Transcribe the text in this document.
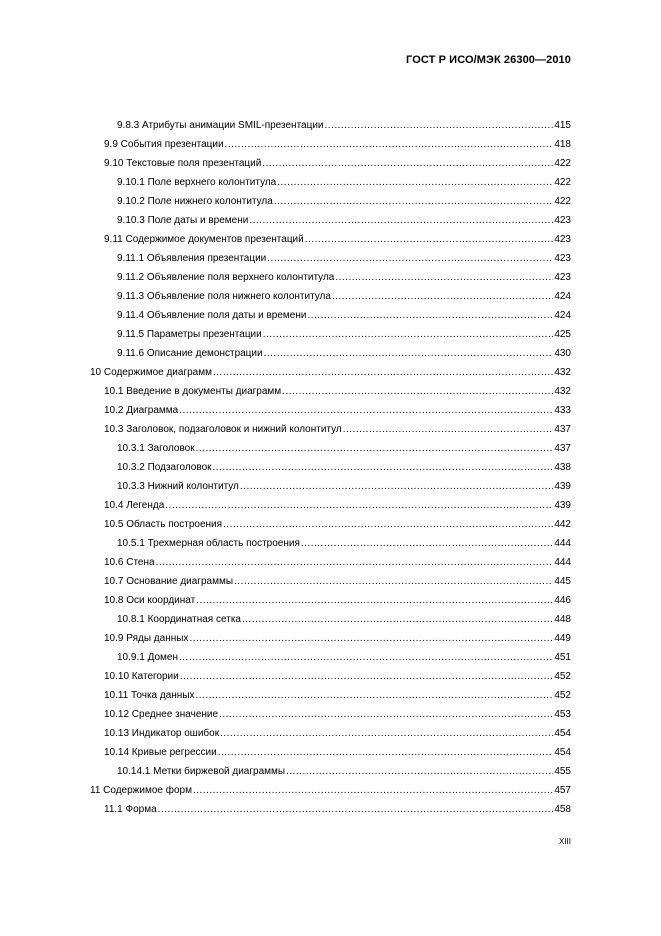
ГОСТ Р ИСО/МЭК 26300—2010
9.8.3 Атрибуты анимации SMIL-презентации .....	415
9.9 События презентации .....	418
9.10 Текстовые поля презентаций .....	422
9.10.1 Поле верхнего колонтитула .....	422
9.10.2 Поле нижнего колонтитула .....	422
9.10.3 Поле даты и времени .....	423
9.11 Содержимое документов презентаций .....	423
9.11.1 Объявления презентации .....	423
9.11.2 Объявление поля верхнего колонтитула .....	423
9.11.3 Объявление поля нижнего колонтитула .....	424
9.11.4 Объявление поля даты и времени .....	424
9.11.5 Параметры презентации .....	425
9.11.6 Описание демонстрации .....	430
10 Содержимое диаграмм .....	432
10.1 Введение в документы диаграмм .....	432
10.2 Диаграмма .....	433
10.3 Заголовок, подзаголовок и нижний колонтитул .....	437
10.3.1 Заголовок .....	437
10.3.2 Подзаголовок .....	438
10.3.3 Нижний колонтитул .....	439
10.4 Легенда .....	439
10.5 Область построения .....	442
10.5.1 Трехмерная область построения .....	444
10.6 Стена .....	444
10.7 Основание диаграммы .....	445
10.8 Оси координат .....	446
10.8.1 Координатная сетка .....	448
10.9 Ряды данных .....	449
10.9.1 Домен .....	451
10.10 Категории .....	452
10.11 Точка данных .....	452
10.12 Среднее значение .....	453
10.13 Индикатор ошибок .....	454
10.14 Кривые регрессии .....	454
10.14.1 Метки биржевой диаграммы .....	455
11 Содержимое форм .....	457
11.1 Форма .....	458
XIII
